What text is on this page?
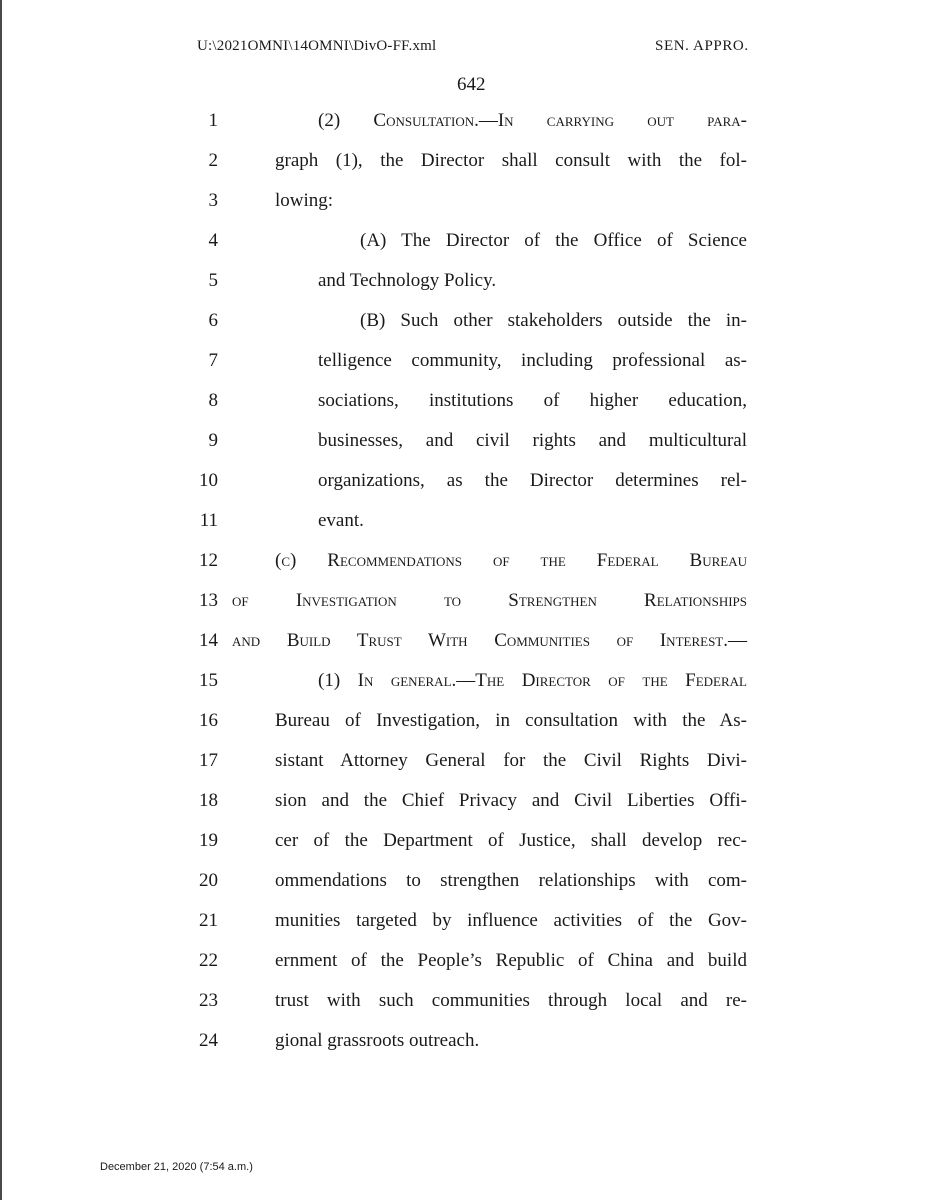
U:\2021OMNI\14OMNI\DivO-FF.xml	SEN. APPRO.
642
1	(2) Consultation.—In carrying out para-
2	graph (1), the Director shall consult with the fol-
3	lowing:
4	(A) The Director of the Office of Science
5	and Technology Policy.
6	(B) Such other stakeholders outside the in-
7	telligence community, including professional as-
8	sociations, institutions of higher education,
9	businesses, and civil rights and multicultural
10	organizations, as the Director determines rel-
11	evant.
12	(c) Recommendations of the Federal Bureau
13 of Investigation to Strengthen Relationships
14 and Build Trust With Communities of Interest.—
15	(1) In general.—The Director of the Federal
16	Bureau of Investigation, in consultation with the As-
17	sistant Attorney General for the Civil Rights Divi-
18	sion and the Chief Privacy and Civil Liberties Offi-
19	cer of the Department of Justice, shall develop rec-
20	ommendations to strengthen relationships with com-
21	munities targeted by influence activities of the Gov-
22	ernment of the People’s Republic of China and build
23	trust with such communities through local and re-
24	gional grassroots outreach.
December 21, 2020 (7:54 a.m.)
